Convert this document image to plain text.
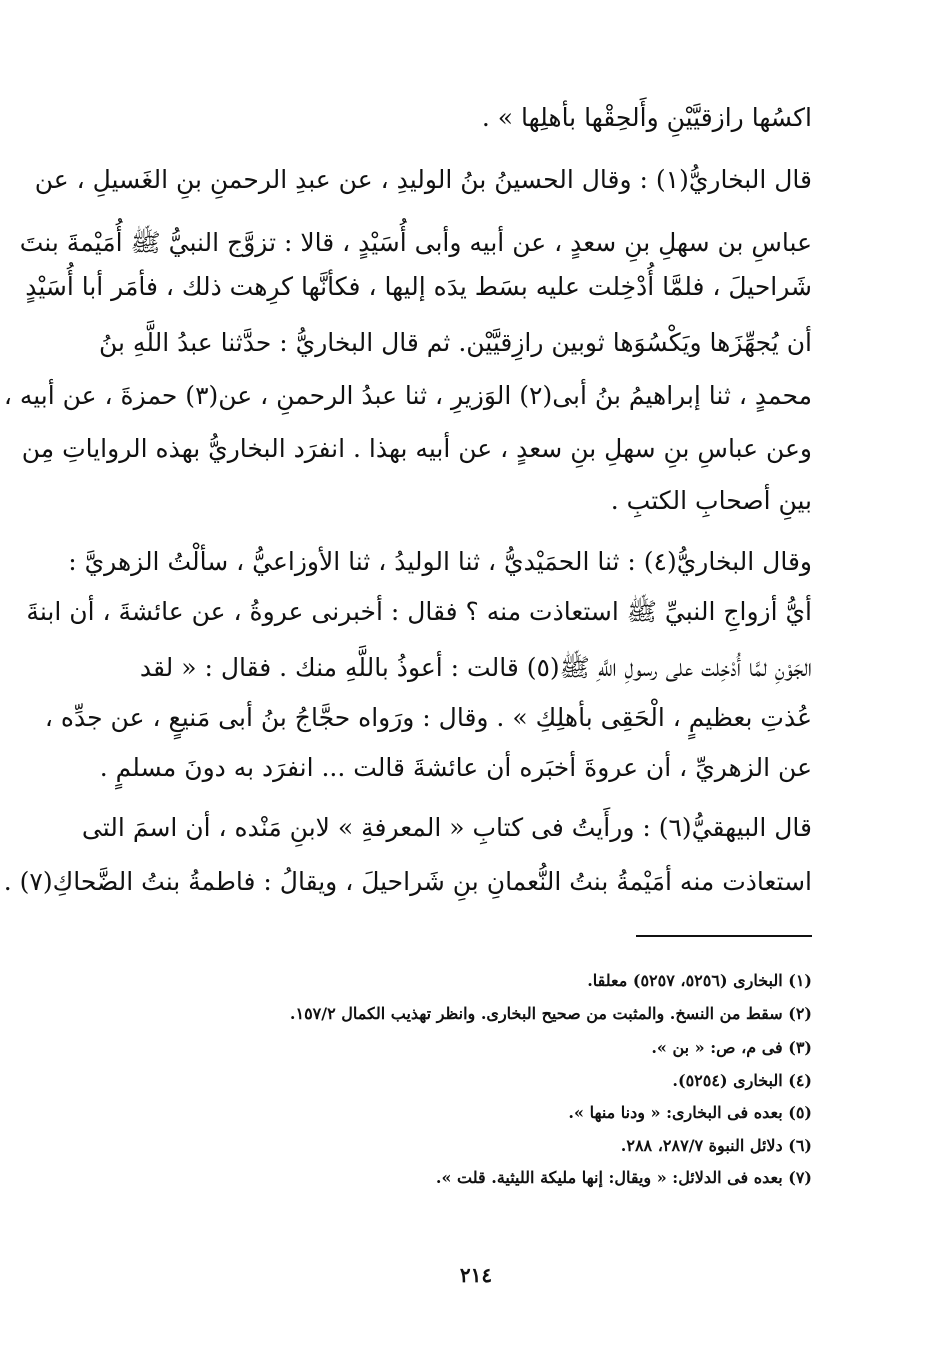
اكسُها رازقيَّيْنِ وأَلحِقْها بأهلِها » .
قال البخاريُّ(١) : وقال الحسينُ بنُ الوليدِ ، عن عبدِ الرحمنِ بنِ الغَسيلِ ، عن
عباسِ بن سهلِ بنِ سعدٍ ، عن أبيه وأبى أُسَيْدٍ ، قالا : تزوَّج النبيُّ ﷺ أُمَيْمةَ بنتَ
شَراحيلَ ، فلمَّا أُدْخِلت عليه بسَط يدَه إليها ، فكأنَّها كرِهت ذلك ، فأمَر أبا أُسَيْدٍ
أن يُجهِّزَها ويَكْسُوَها ثوبين رازِقيَّيْن. ثم قال البخاريُّ : حدَّثنا عبدُ اللَّهِ بنُ
محمدٍ ، ثنا إبراهيمُ بنُ أبى(٢) الوَزيرِ ، ثنا عبدُ الرحمنِ ، عن(٣) حمزةَ ، عن أبيه ،
وعن عباسِ بنِ سهلِ بنِ سعدٍ ، عن أبيه بهذا . انفرَد البخاريُّ بهذه الرواياتِ مِن
بينِ أصحابِ الكتبِ .
وقال البخاريُّ(٤) : ثنا الحمَيْديُّ ، ثنا الوليدُ ، ثنا الأوزاعيُّ ، سألْتُ الزهريَّ :
أيُّ أزواجِ النبيِّ ﷺ استعاذت منه ؟ فقال : أخبرنى عروةُ ، عن عائشةَ ، أن ابنةَ
الجَوْنِ لمَّا أُدْخِلت على رسولِ اللَّهِ ﷺ(٥) قالت : أعوذُ باللَّهِ منك . فقال : « لقد
عُذتِ بعظيمٍ ، الْحَقِى بأهلِكِ » . وقال : ورَواه حجَّاجُ بنُ أبى مَنيعٍ ، عن جدِّه ،
عن الزهريِّ ، أن عروةَ أخبَره أن عائشةَ قالت ... انفرَد به دونَ مسلمٍ .
قال البيهقيُّ(٦) : ورأَيتُ فى كتابِ « المعرفةِ » لابنِ مَنْده ، أن اسمَ التى
استعاذت منه أمَيْمةُ بنتُ النُّعمانِ بنِ شَراحيلَ ، ويقالُ : فاطمةُ بنتُ الضَّحاكِ(٧) .
(١) البخارى (٥٢٥٦، ٥٢٥٧) معلقا.
(٢) سقط من النسخ. والمثبت من صحيح البخارى. وانظر تهذيب الكمال ١٥٧/٢.
(٣) فى م، ص: « بن ».
(٤) البخارى (٥٢٥٤).
(٥) بعده فى البخارى: « ودنا منها ».
(٦) دلائل النبوة ٢٨٧/٧، ٢٨٨.
(٧) بعده فى الدلائل: « ويقال: إنها مليكة الليثية. قلت ».
٢١٤
